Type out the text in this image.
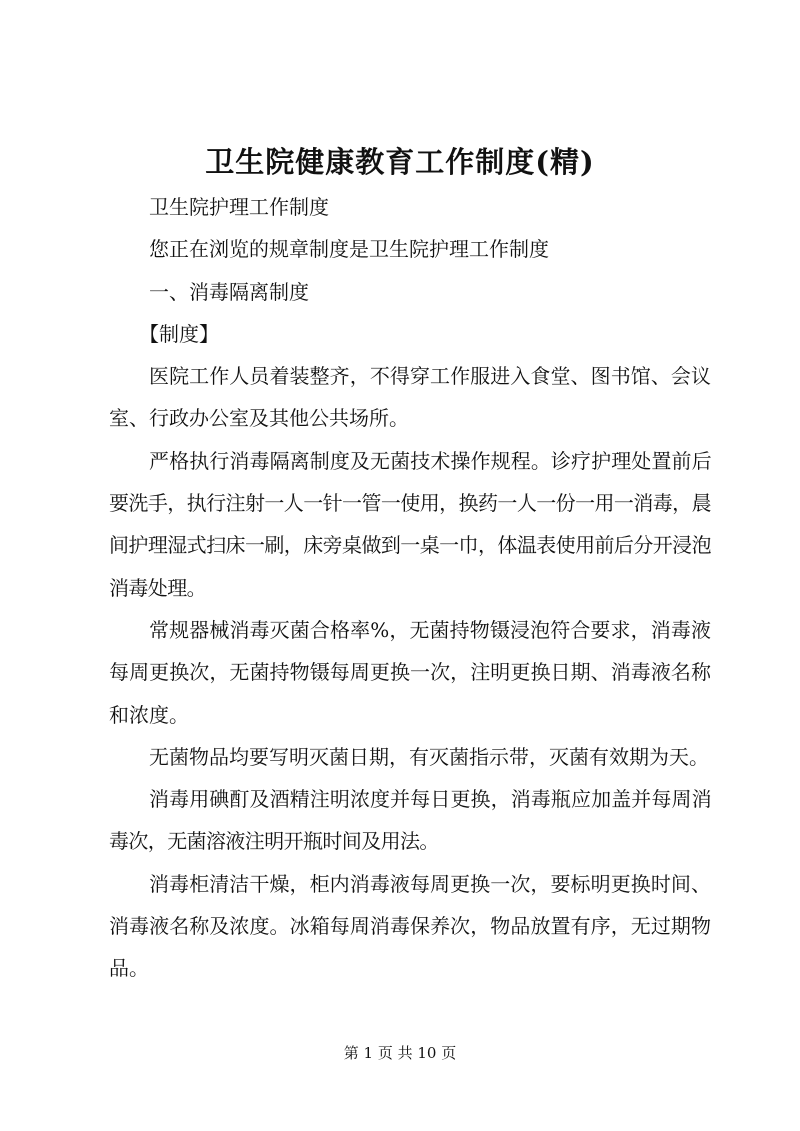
卫生院健康教育工作制度(精)

卫生院护理工作制度

您正在浏览的规章制度是卫生院护理工作制度

一、消毒隔离制度

【制度】

医院工作人员着装整齐，不得穿工作服进入食堂、图书馆、会议室、行政办公室及其他公共场所。

严格执行消毒隔离制度及无菌技术操作规程。诊疗护理处置前后要洗手，执行注射一人一针一管一使用，换药一人一份一用一消毒，晨间护理湿式扫床一刷，床旁桌做到一桌一巾，体温表使用前后分开浸泡消毒处理。

常规器械消毒灭菌合格率%，无菌持物镊浸泡符合要求，消毒液每周更换次，无菌持物镊每周更换一次，注明更换日期、消毒液名称和浓度。

无菌物品均要写明灭菌日期，有灭菌指示带，灭菌有效期为天。

消毒用碘酊及酒精注明浓度并每日更换，消毒瓶应加盖并每周消毒次，无菌溶液注明开瓶时间及用法。

消毒柜清洁干燥，柜内消毒液每周更换一次，要标明更换时间、消毒液名称及浓度。冰箱每周消毒保养次，物品放置有序，无过期物品。

第 1 页 共 10 页
